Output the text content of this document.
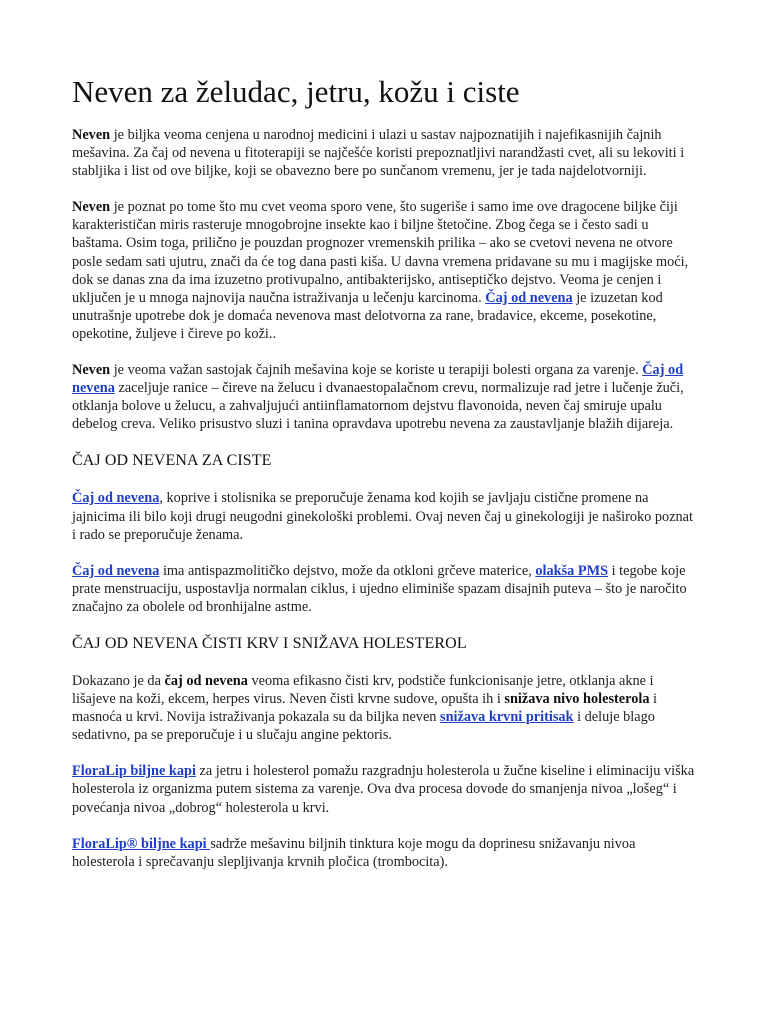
Neven za želudac, jetru, kožu i ciste

Neven je biljka veoma cenjena u narodnoj medicini i ulazi u sastav najpoznatijih i najefikasnijih čajnih mešavina. Za čaj od nevena u fitoterapiji se najčešće koristi prepoznatljivi narandžasti cvet, ali su lekoviti i stabljika i list od ove biljke, koji se obavezno bere po sunčanom vremenu, jer je tada najdelotvorniji.

Neven je poznat po tome što mu cvet veoma sporo vene, što sugeriše i samo ime ove dragocene biljke čiji karakterističan miris rasteruje mnogobrojne insekte kao i biljne štetočine. Zbog čega se i često sadi u baštama. Osim toga, prilično je pouzdan prognozer vremenskih prilika – ako se cvetovi nevena ne otvore posle sedam sati ujutru, znači da će tog dana pasti kiša. U davna vremena pridavane su mu i magijske moći, dok se danas zna da ima izuzetno protivupalno, antibakterijsko, antiseptičko dejstvo. Veoma je cenjen i uključen je u mnoga najnovija naučna istraživanja u lečenju karcinoma. Čaj od nevena je izuzetan kod unutrašnje upotrebe dok je domaća nevenova mast delotvorna za rane, bradavice, ekceme, posekotine, opekotine, žuljeve i čireve po koži..

Neven je veoma važan sastojak čajnih mešavina koje se koriste u terapiji bolesti organa za varenje. Čaj od nevena zaceljuje ranice – čireve na želucu i dvanaestopalačnom crevu, normalizuje rad jetre i lučenje žuči, otklanja bolove u želucu, a zahvaljujući antiinflamatornom dejstvu flavonoida, neven čaj smiruje upalu debelog creva. Veliko prisustvo sluzi i tanina opravdava upotrebu nevena za zaustavljanje blažih dijareja.

ČAJ OD NEVENA ZA CISTE

Čaj od nevena, koprive i stolisnika se preporučuje ženama kod kojih se javljaju cistične promene na jajnicima ili bilo koji drugi neugodni ginekološki problemi. Ovaj neven čaj u ginekologiji je naširoko poznat i rado se preporučuje ženama.

Čaj od nevena ima antispazmolitičko dejstvo, može da otkloni grčeve materice, olakša PMS i tegobe koje prate menstruaciju, uspostavlja normalan ciklus, i ujedno eliminiše spazam disajnih puteva – što je naročito značajno za obolele od bronhijalne astme.

ČAJ OD NEVENA ČISTI KRV I SNIŽAVA HOLESTEROL

Dokazano je da čaj od nevena veoma efikasno čisti krv, podstiče funkcionisanje jetre, otklanja akne i lišajeve na koži, ekcem, herpes virus. Neven čisti krvne sudove, opušta ih i snižava nivo holesterola i masnoća u krvi. Novija istraživanja pokazala su da biljka neven snižava krvni pritisak i deluje blago sedativno, pa se preporučuje i u slučaju angine pektoris.

FloraLip biljne kapi za jetru i holesterol pomažu razgradnju holesterola u žučne kiseline i eliminaciju viška holesterola iz organizma putem sistema za varenje. Ova dva procesa dovode do smanjenja nivoa „lošeg“ i povećanja nivoa „dobrog“ holesterola u krvi.

FloraLip® biljne kapi sadrže mešavinu biljnih tinktura koje mogu da doprinesu snižavanju nivoa holesterola i sprečavanju slepljivanja krvnih pločica (trombocita).
